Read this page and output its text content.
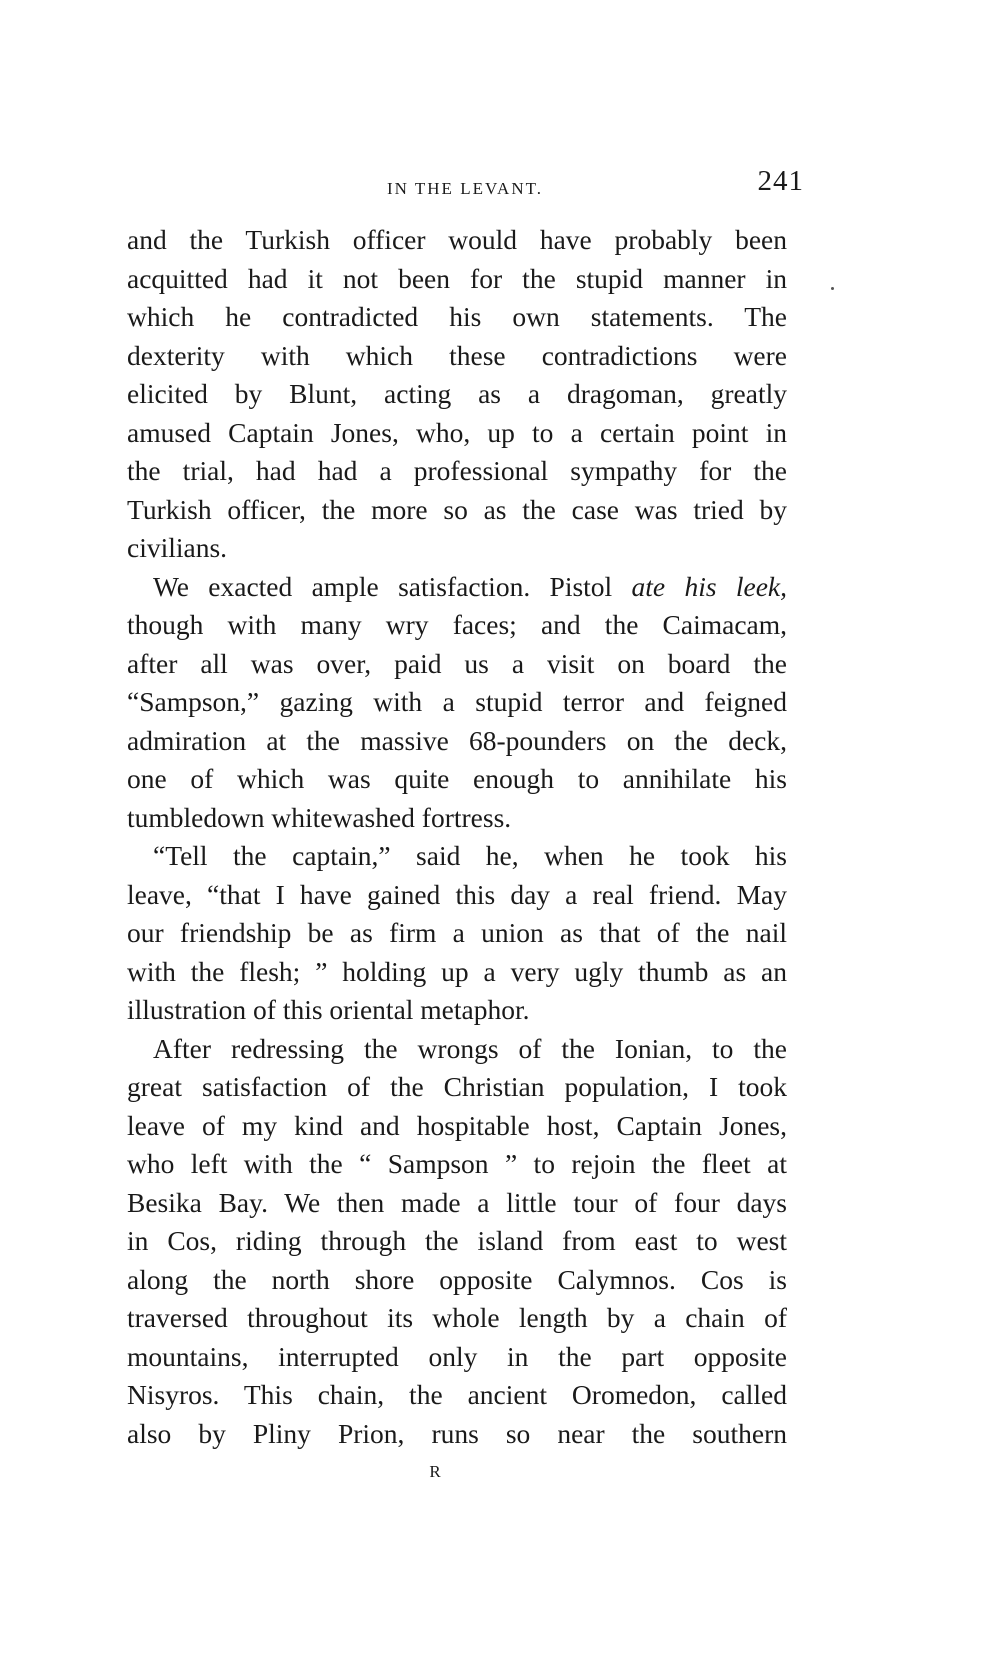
IN THE LEVANT.	241
and the Turkish officer would have probably been
acquitted had it not been for the stupid manner in
which he contradicted his own statements. The
dexterity with which these contradictions were
elicited by Blunt, acting as a dragoman, greatly
amused Captain Jones, who, up to a certain point in
the trial, had had a professional sympathy for the
Turkish officer, the more so as the case was tried by
civilians.
We exacted ample satisfaction. Pistol ate his leek,
though with many wry faces; and the Caimacam,
after all was over, paid us a visit on board the
“Sampson,” gazing with a stupid terror and feigned
admiration at the massive 68-pounders on the deck,
one of which was quite enough to annihilate his
tumbledown whitewashed fortress.
“Tell the captain,” said he, when he took his
leave, “that I have gained this day a real friend. May
our friendship be as firm a union as that of the nail
with the flesh; ” holding up a very ugly thumb as an
illustration of this oriental metaphor.
After redressing the wrongs of the Ionian, to the
great satisfaction of the Christian population, I took
leave of my kind and hospitable host, Captain Jones,
who left with the “ Sampson ” to rejoin the fleet at
Besika Bay. We then made a little tour of four days
in Cos, riding through the island from east to west
along the north shore opposite Calymnos. Cos is
traversed throughout its whole length by a chain of
mountains, interrupted only in the part opposite
Nisyros. This chain, the ancient Oromedon, called
also by Pliny Prion, runs so near the southern
R
